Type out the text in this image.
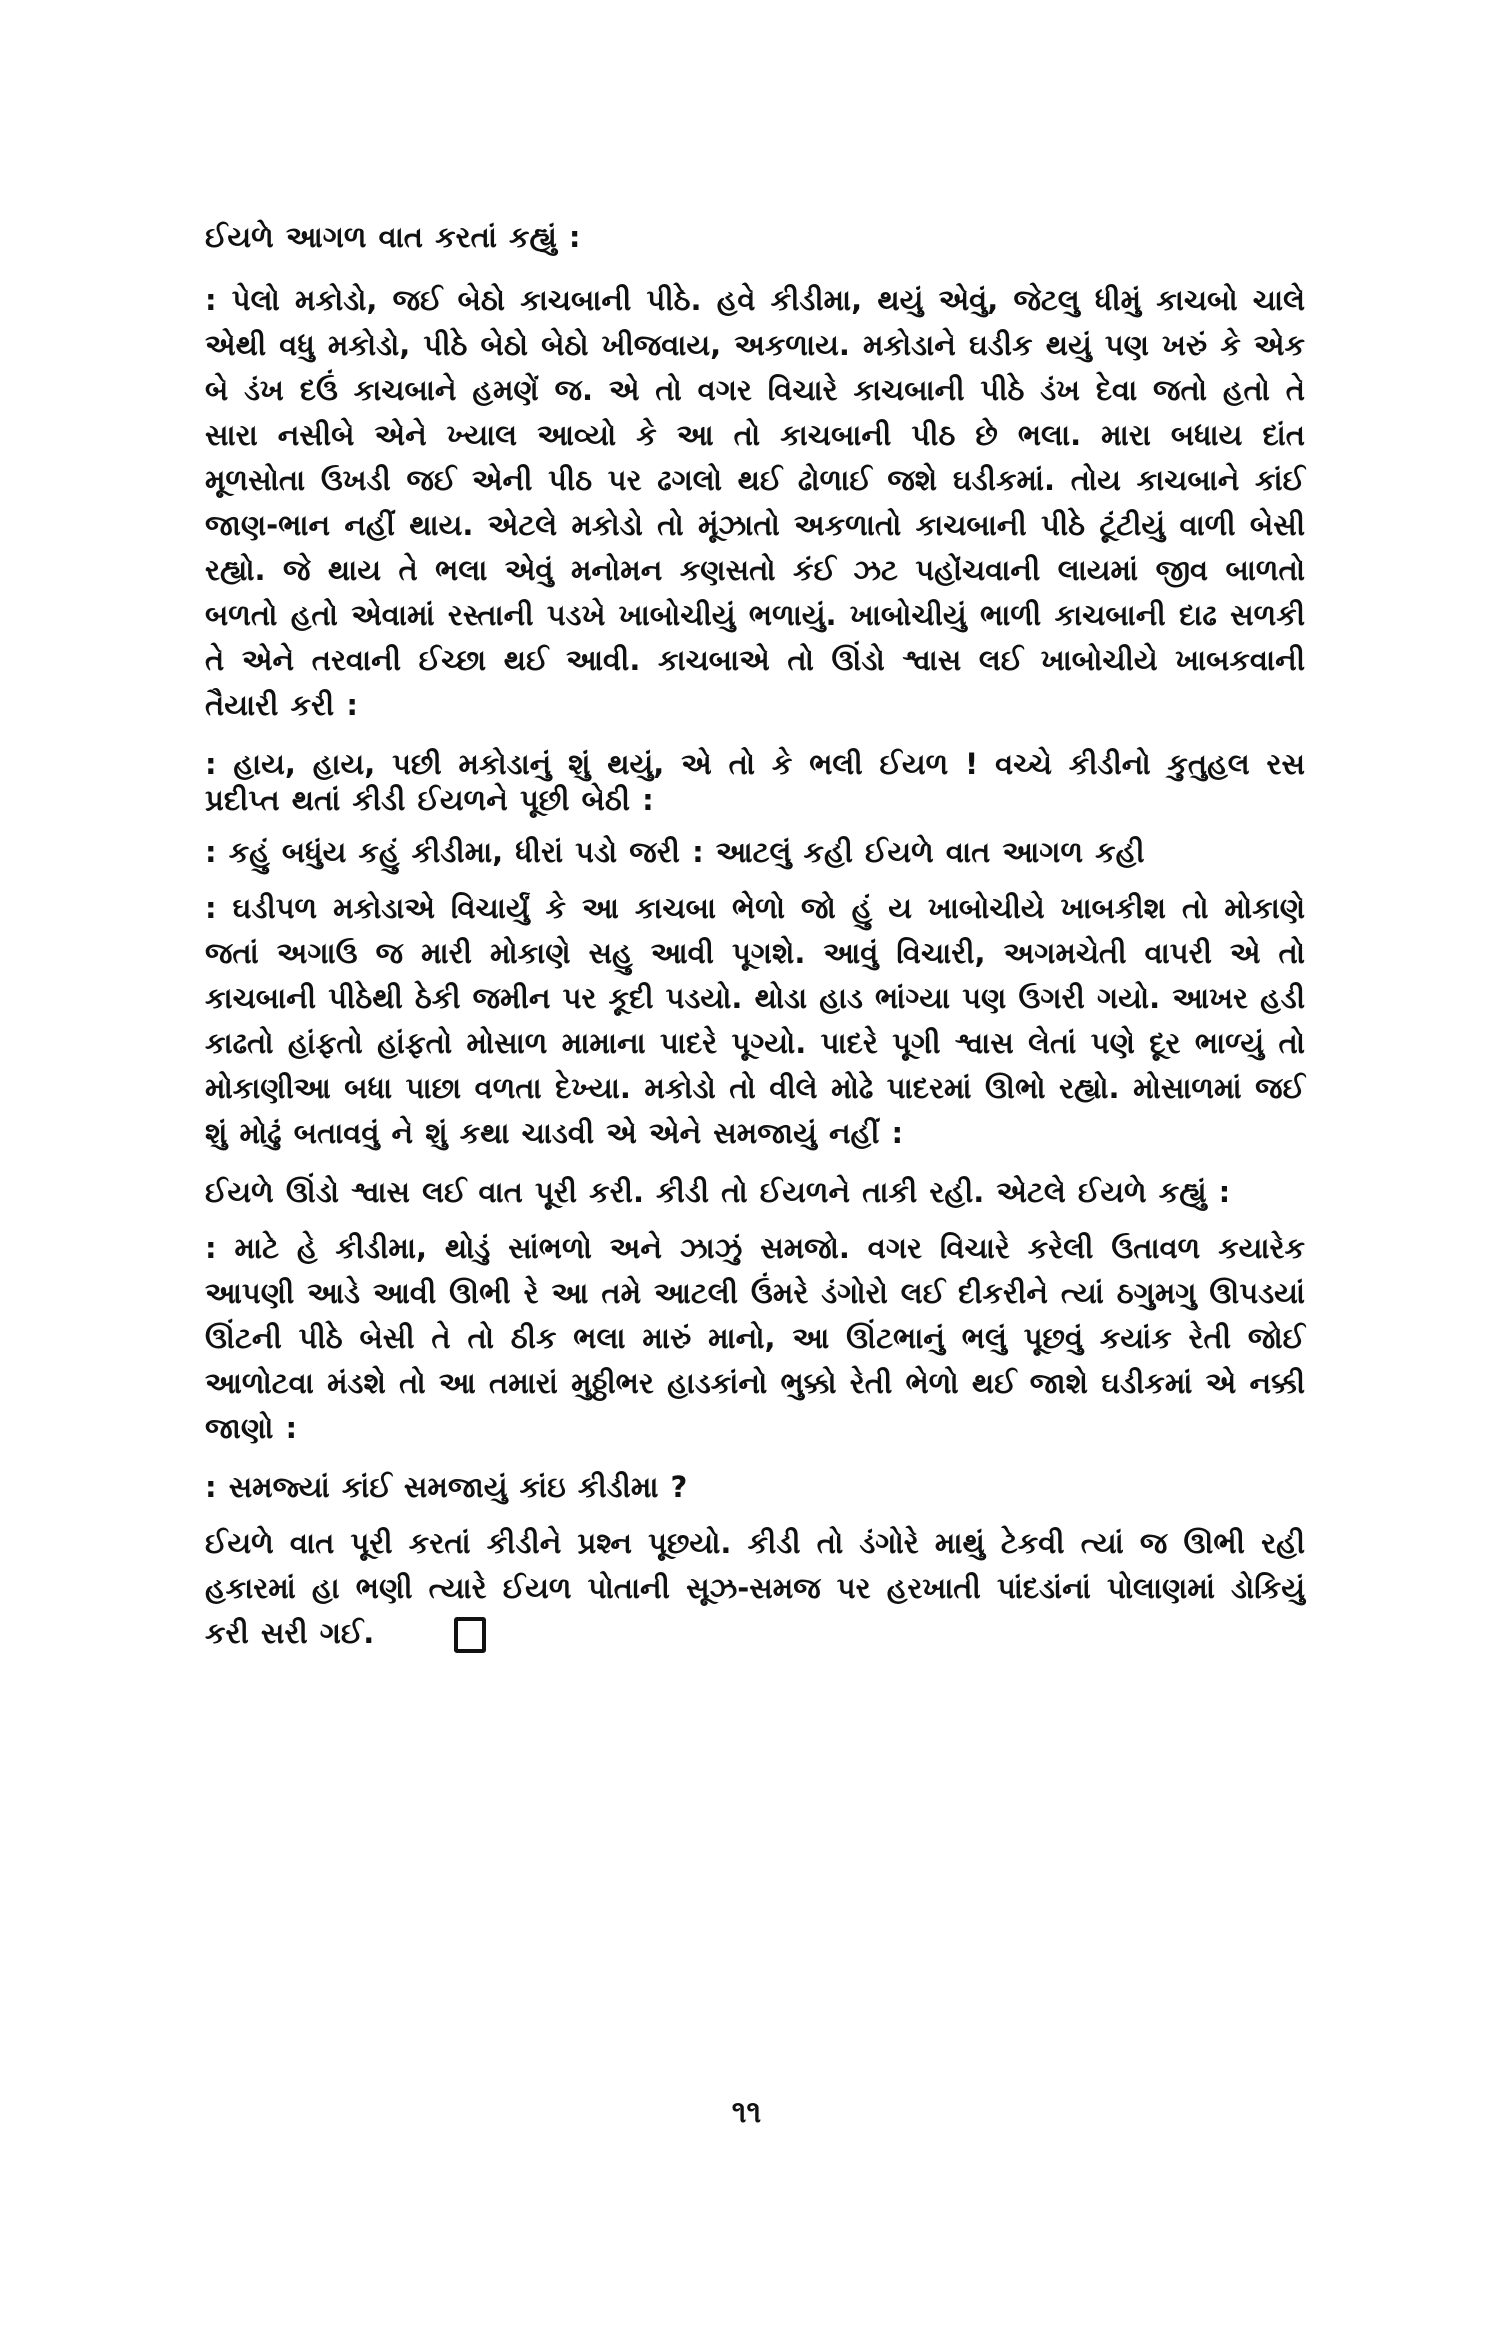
ઈયળે આગળ વાત કરતાં કહ્યું :

: પેલો મકોડો, જઈ બેઠો કાચબાની પીઠે. હવે કીડીમા, થયું એવું, જેટલુ ધીમું કાચબો ચાલે એથી વધુ મકોડો, પીઠે બેઠો બેઠો ખીજવાય, અકળાય. મકોડાને ઘડીક થયું પણ ખરું કે એક બે ડંખ દઉં કાચબાને હમણેં જ. એ તો વગર વિચારે કાચબાની પીઠે ડંખ દેવા જતો હતો તે સારા નસીબે એને ખ્યાલ આવ્યો કે આ તો કાચબાની પીઠ છે ભલા. મારા બધાય દાંત મૂળસોતા ઉખડી જઈ એની પીઠ પર ઢગલો થઈ ઢોળાઈ જશે ઘડીકમાં. તોય કાચબાને કાંઈ જાણ-ભાન નહીં થાય. એટલે મકોડો તો મૂંઝાતો અકળાતો કાચબાની પીઠે ટૂંટીયું વાળી બેસી રહ્યો. જે થાય તે ભલા એવું મનોમન કણસતો કંઈ ઝટ પહોંચવાની લાયમાં જીવ બાળતો બળતો હતો એવામાં રસ્તાની પડખે ખાબોચીયું ભળાયું. ખાબોચીયું ભાળી કાચબાની દાઢ સળકી તે એને તરવાની ઈચ્છા થઈ આવી. કાચબાએ તો ઊંડો શ્વાસ લઈ ખાબોચીયે ખાબકવાની તૈયારી કરી :

: હાય, હાય, પછી મકોડાનું શું થયું, એ તો કે ભલી ઈયળ ! વચ્ચે કીડીનો કુતુહલ રસ પ્રદીપ્ત થતાં કીડી ઈયળને પૂછી બેઠી :

: કહું બધુંય કહું કીડીમા, ધીરાં પડો જરી : આટલું કહી ઈયળે વાત આગળ કહી

: ઘડીપળ મકોડાએ વિચાર્યું કે આ કાચબા ભેળો જો હું ય ખાબોચીયે ખાબકીશ તો મોકાણે જતાં અગાઉ જ મારી મોકાણે સહુ આવી પૂગશે. આવું વિચારી, અગમચેતી વાપરી એ તો કાચબાની પીઠેથી ઠેકી જમીન પર કૂદી પડયો. થોડા હાડ ભાંગ્યા પણ ઉગરી ગયો. આખર હડી કાઢતો હાંફતો હાંફતો મોસાળ મામાના પાદરે પૂગ્યો. પાદરે પૂગી શ્વાસ લેતાં પણે દૂર ભાળ્યું તો મોકાણીઆ બધા પાછા વળતા દેખ્યા. મકોડો તો વીલે મોઢે પાદરમાં ઊભો રહ્યો. મોસાળમાં જઈ શું મોઢું બતાવવું ને શું કથા ચાડવી એ એને સમજાયું નહીં :

ઈયળે ઊંડો શ્વાસ લઈ વાત પૂરી કરી. કીડી તો ઈયળને તાકી રહી. એટલે ઈયળે કહ્યું :

: માટે હે કીડીમા, થોડું સાંભળો અને ઝાઝું સમજો. વગર વિચારે કરેલી ઉતાવળ કયારેક આપણી આડે આવી ઊભી રે આ તમે આટલી ઉંમરે ડંગોરો લઈ દીકરીને ત્યાં ઠગુમગુ ઊપડયાં ઊંટની પીઠે બેસી તે તો ઠીક ભલા મારું માનો, આ ઊંટભાનું ભલું પૂછવું કયાંક રેતી જોઈ આળોટવા મંડશે તો આ તમારાં મુઠ્ઠીભર હાડકાંનો ભુક્કો રેતી ભેળો થઈ જાશે ઘડીકમાં એ નક્કી જાણો :

: સમજ્યાં કાંઈ સમજાયું કાંઇ કીડીમા ?

ઈયળે વાત પૂરી કરતાં કીડીને પ્રશ્ન પૂછયો. કીડી તો ડંગોરે માથું ટેકવી ત્યાં જ ઊભી રહી હકારમાં હા ભણી ત્યારે ઈયળ પોતાની સૂઝ-સમજ પર હરખાતી પાંદડાંનાં પોલાણમાં ડોકિયું કરી સરી ગઈ.

૧૧
